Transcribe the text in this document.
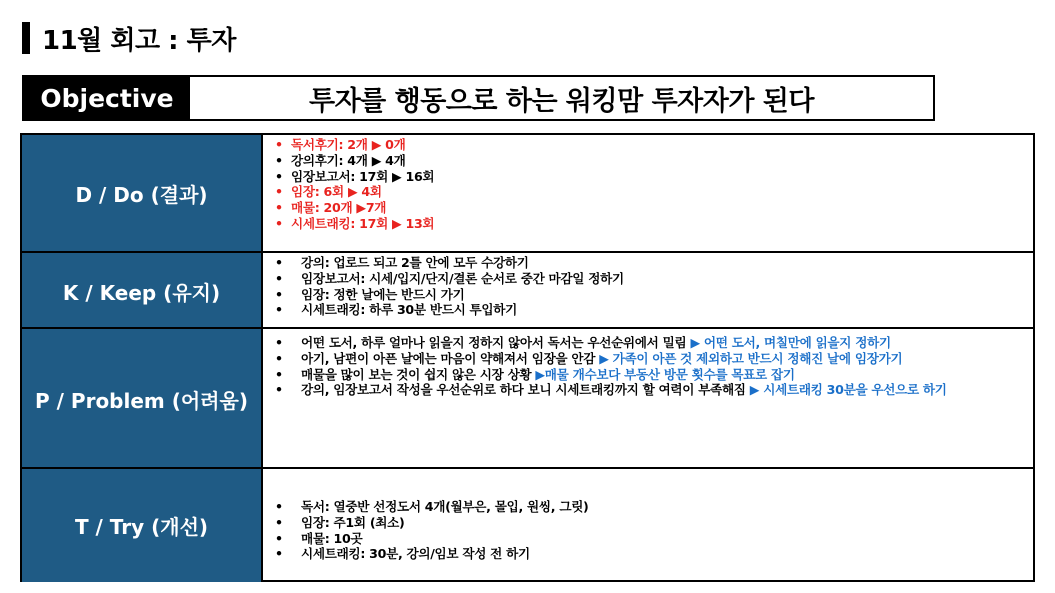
11월 회고 : 투자
Objective	투자를 행동으로 하는 워킹맘 투자자가 된다
D / Do (결과)
• 독서후기: 2개 ▶ 0개
• 강의후기: 4개 ▶ 4개
• 임장보고서: 17회 ▶ 16회
• 임장: 6회 ▶ 4회
• 매물: 20개 ▶7개
• 시세트래킹: 17회 ▶ 13회
K / Keep (유지)
• 강의: 업로드 되고 2틀 안에 모두 수강하기
• 임장보고서: 시세/입지/단지/결론 순서로 중간 마감일 정하기
• 임장: 정한 날에는 반드시 가기
• 시세트래킹: 하루 30분 반드시 투입하기
P / Problem (어려움)
• 어떤 도서, 하루 얼마나 읽을지 정하지 않아서 독서는 우선순위에서 밀림 ▶ 어떤 도서, 며칠만에 읽을지 정하기
• 아기, 남편이 아픈 날에는 마음이 약해져서 임장을 안감 ▶ 가족이 아픈 것 제외하고 반드시 정해진 날에 임장가기
• 매물을 많이 보는 것이 쉽지 않은 시장 상황 ▶매물 개수보다 부동산 방문 횟수를 목표로 잡기
• 강의, 임장보고서 작성을 우선순위로 하다 보니 시세트래킹까지 할 여력이 부족해짐 ▶ 시세트래킹 30분을 우선으로 하기
T / Try (개선)
• 독서: 열중반 선정도서 4개(월부은, 몰입, 원씽, 그릿)
• 임장: 주1회 (최소)
• 매물: 10곳
• 시세트래킹: 30분, 강의/임보 작성 전 하기
